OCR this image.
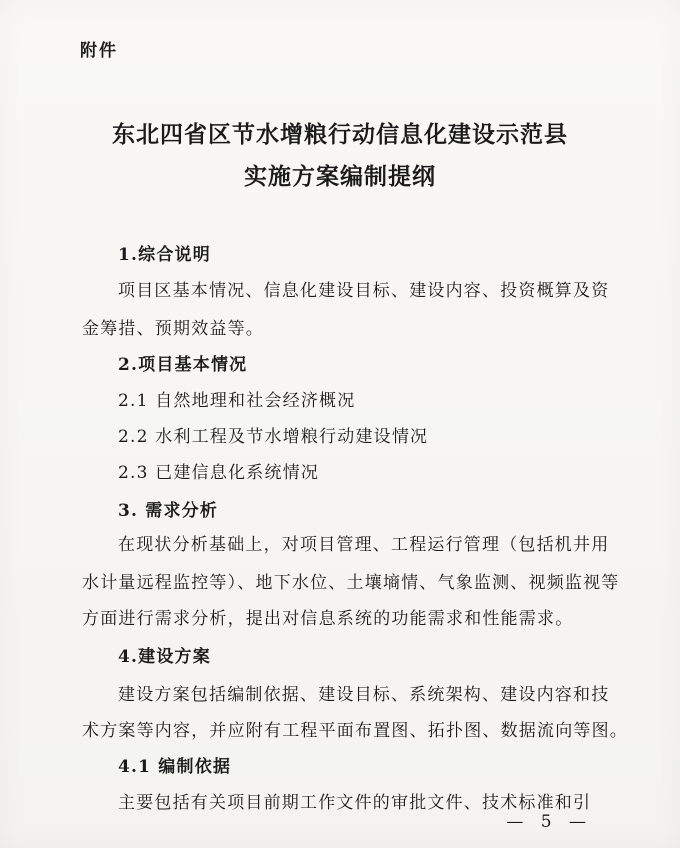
附件
东北四省区节水增粮行动信息化建设示范县
实施方案编制提纲
1.综合说明
项目区基本情况、信息化建设目标、建设内容、投资概算及资
金筹措、预期效益等。
2.项目基本情况
2.1 自然地理和社会经济概况
2.2 水利工程及节水增粮行动建设情况
2.3 已建信息化系统情况
3. 需求分析
在现状分析基础上，对项目管理、工程运行管理（包括机井用
水计量远程监控等）、地下水位、土壤墒情、气象监测、视频监视等
方面进行需求分析，提出对信息系统的功能需求和性能需求。
4.建设方案
建设方案包括编制依据、建设目标、系统架构、建设内容和技
术方案等内容，并应附有工程平面布置图、拓扑图、数据流向等图。
4.1 编制依据
主要包括有关项目前期工作文件的审批文件、技术标准和引
— 5 —
